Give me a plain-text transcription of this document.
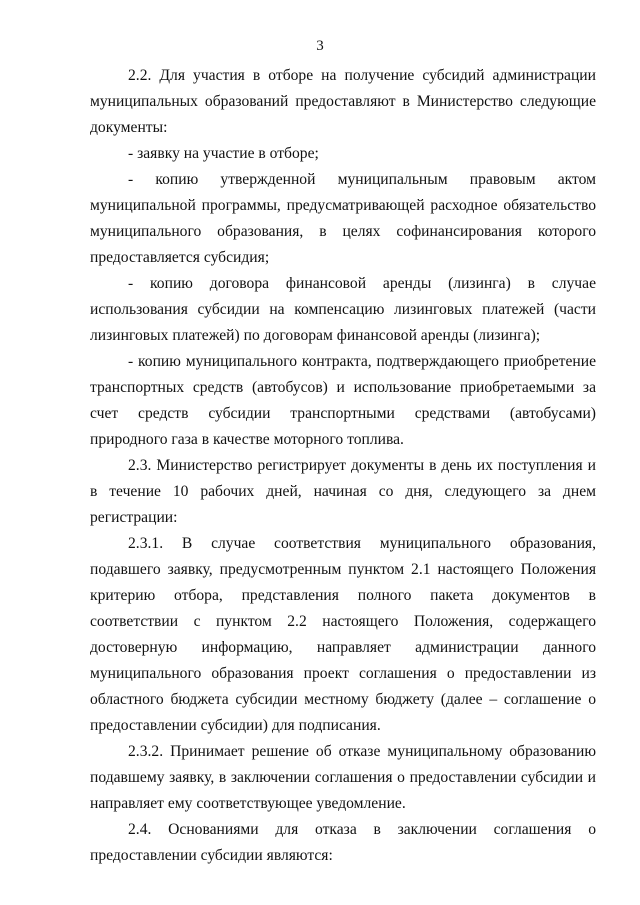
3

2.2. Для участия в отборе на получение субсидий администрации муниципальных образований предоставляют в Министерство следующие документы:

- заявку на участие в отборе;

- копию утвержденной муниципальным правовым актом муниципальной программы, предусматривающей расходное обязательство муниципального образования, в целях софинансирования которого предоставляется субсидия;

- копию договора финансовой аренды (лизинга) в случае использования субсидии на компенсацию лизинговых платежей (части лизинговых платежей) по договорам финансовой аренды (лизинга);

- копию муниципального контракта, подтверждающего приобретение транспортных средств (автобусов) и использование приобретаемыми за счет средств субсидии транспортными средствами (автобусами) природного газа в качестве моторного топлива.

2.3. Министерство регистрирует документы в день их поступления и в течение 10 рабочих дней, начиная со дня, следующего за днем регистрации:

2.3.1. В случае соответствия муниципального образования, подавшего заявку, предусмотренным пунктом 2.1 настоящего Положения критерию отбора, представления полного пакета документов в соответствии с пунктом 2.2 настоящего Положения, содержащего достоверную информацию, направляет администрации данного муниципального образования проект соглашения о предоставлении из областного бюджета субсидии местному бюджету (далее – соглашение о предоставлении субсидии) для подписания.

2.3.2. Принимает решение об отказе муниципальному образованию подавшему заявку, в заключении соглашения о предоставлении субсидии и направляет ему соответствующее уведомление.

2.4. Основаниями для отказа в заключении соглашения о предоставлении субсидии являются:
